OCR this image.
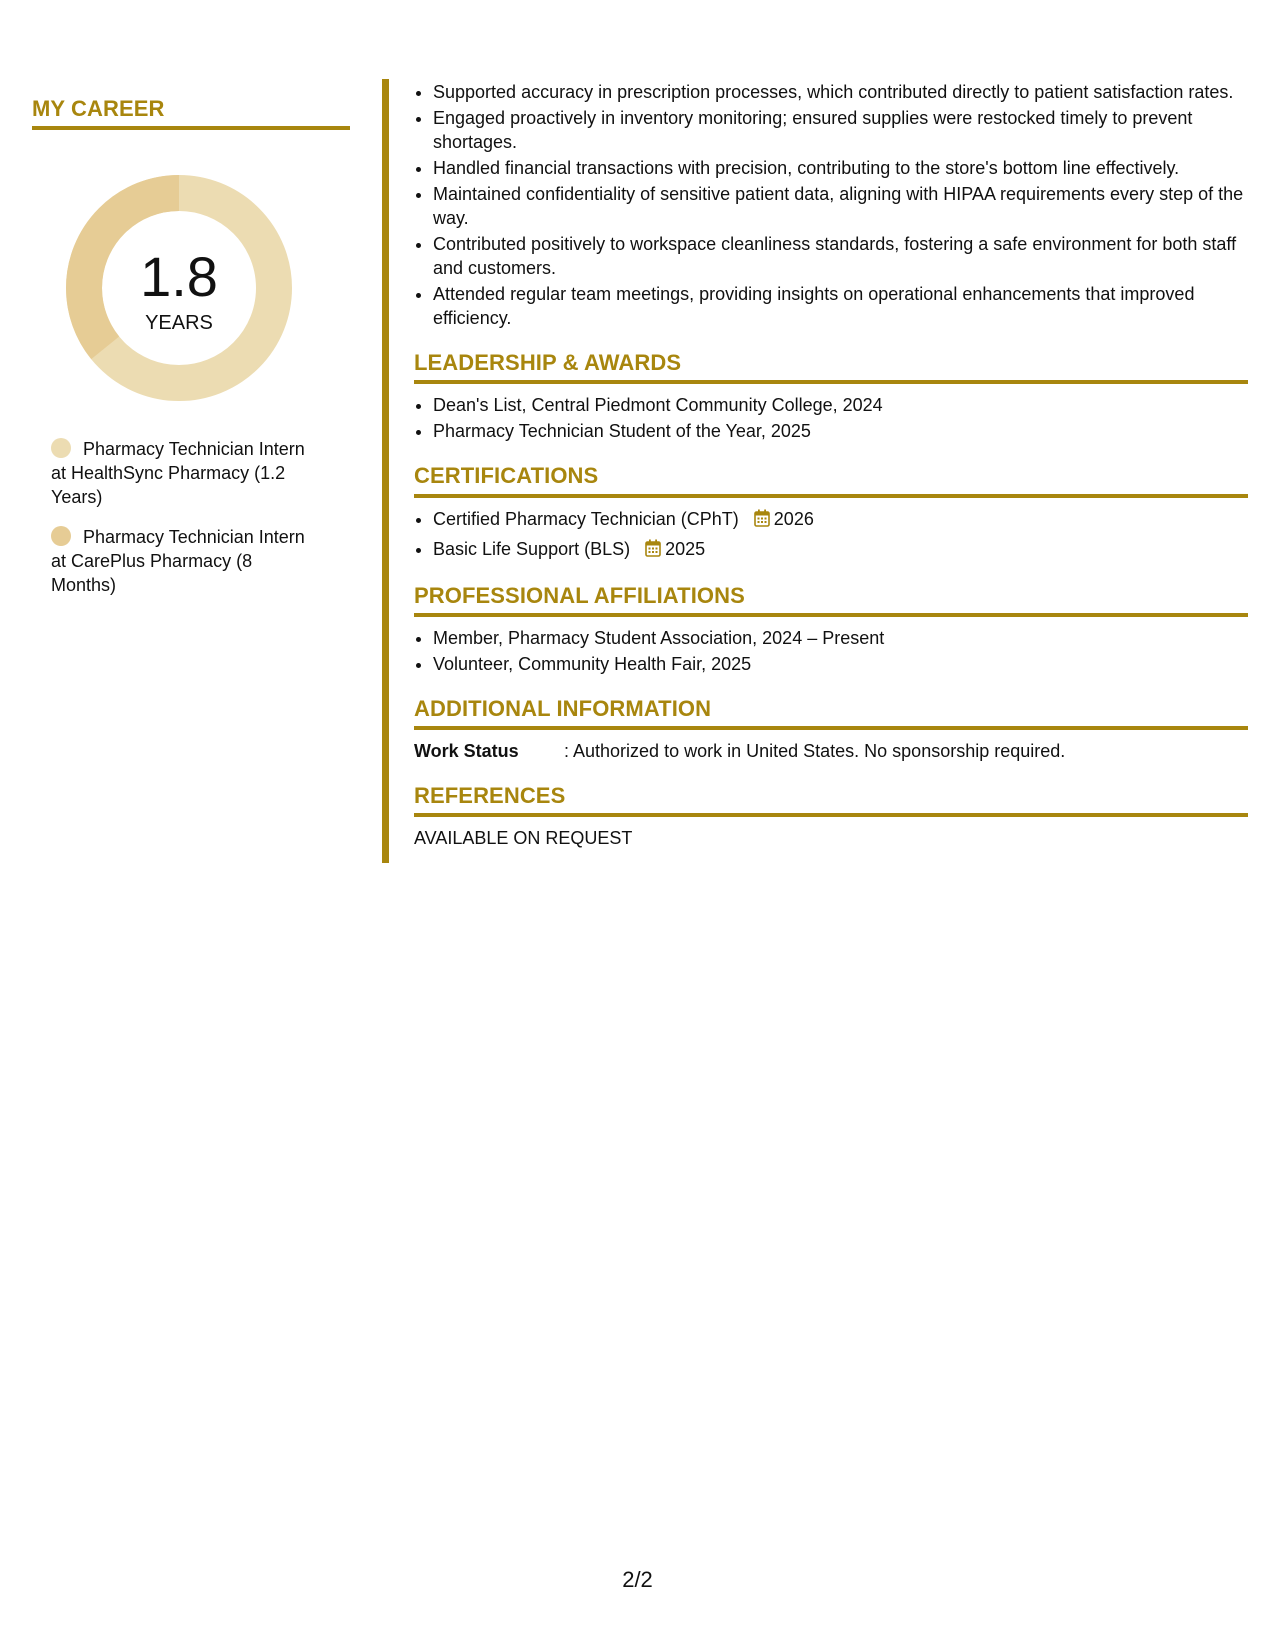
MY CAREER
1.8
YEARS
Pharmacy Technician Intern at HealthSync Pharmacy (1.2 Years)
Pharmacy Technician Intern at CarePlus Pharmacy (8 Months)
• Supported accuracy in prescription processes, which contributed directly to patient satisfaction rates.
• Engaged proactively in inventory monitoring; ensured supplies were restocked timely to prevent shortages.
• Handled financial transactions with precision, contributing to the store's bottom line effectively.
• Maintained confidentiality of sensitive patient data, aligning with HIPAA requirements every step of the way.
• Contributed positively to workspace cleanliness standards, fostering a safe environment for both staff and customers.
• Attended regular team meetings, providing insights on operational enhancements that improved efficiency.
LEADERSHIP & AWARDS
• Dean's List, Central Piedmont Community College, 2024
• Pharmacy Technician Student of the Year, 2025
CERTIFICATIONS
• Certified Pharmacy Technician (CPhT) 2026
• Basic Life Support (BLS) 2025
PROFESSIONAL AFFILIATIONS
• Member, Pharmacy Student Association, 2024 – Present
• Volunteer, Community Health Fair, 2025
ADDITIONAL INFORMATION
Work Status	: Authorized to work in United States. No sponsorship required.
REFERENCES
AVAILABLE ON REQUEST
2/2
